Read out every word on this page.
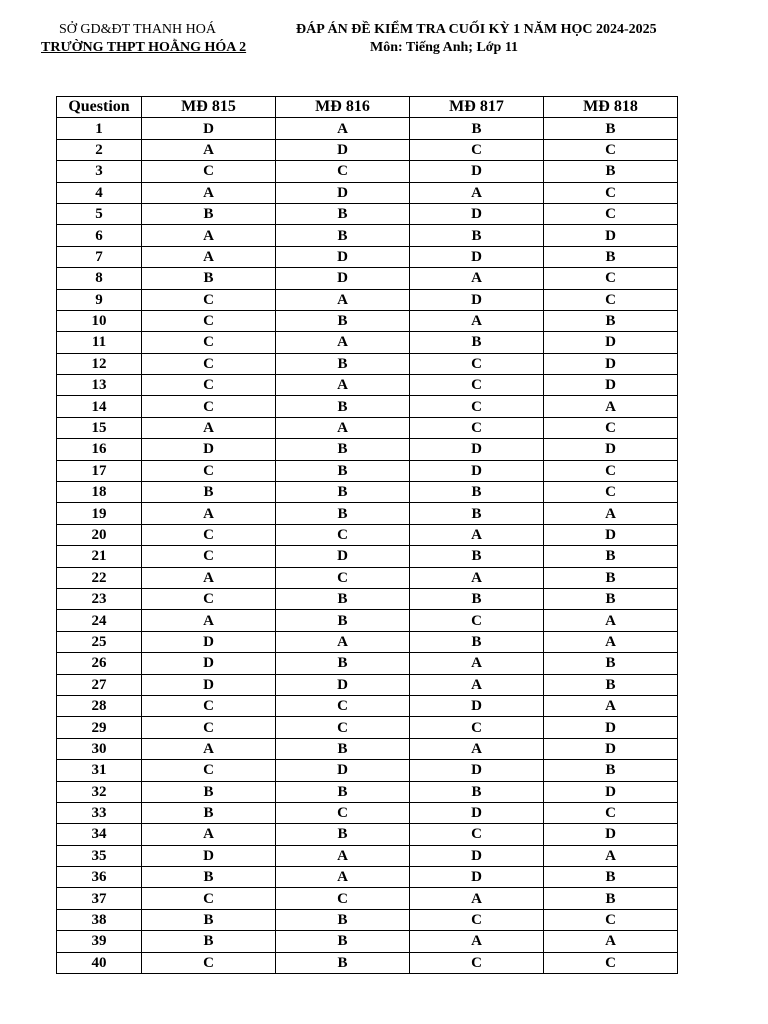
SỞ GD&ĐT THANH HOÁ
TRƯỜNG THPT HOẰNG HÓA 2
ĐÁP ÁN ĐỀ KIỂM TRA CUỐI KỲ 1 NĂM HỌC 2024-2025
Môn: Tiếng Anh; Lớp 11
Question	MĐ 815	MĐ 816	MĐ 817	MĐ 818
1	D	A	B	B
2	A	D	C	C
3	C	C	D	B
4	A	D	A	C
5	B	B	D	C
6	A	B	B	D
7	A	D	D	B
8	B	D	A	C
9	C	A	D	C
10	C	B	A	B
11	C	A	B	D
12	C	B	C	D
13	C	A	C	D
14	C	B	C	A
15	A	A	C	C
16	D	B	D	D
17	C	B	D	C
18	B	B	B	C
19	A	B	B	A
20	C	C	A	D
21	C	D	B	B
22	A	C	A	B
23	C	B	B	B
24	A	B	C	A
25	D	A	B	A
26	D	B	A	B
27	D	D	A	B
28	C	C	D	A
29	C	C	C	D
30	A	B	A	D
31	C	D	D	B
32	B	B	B	D
33	B	C	D	C
34	A	B	C	D
35	D	A	D	A
36	B	A	D	B
37	C	C	A	B
38	B	B	C	C
39	B	B	A	A
40	C	B	C	C
